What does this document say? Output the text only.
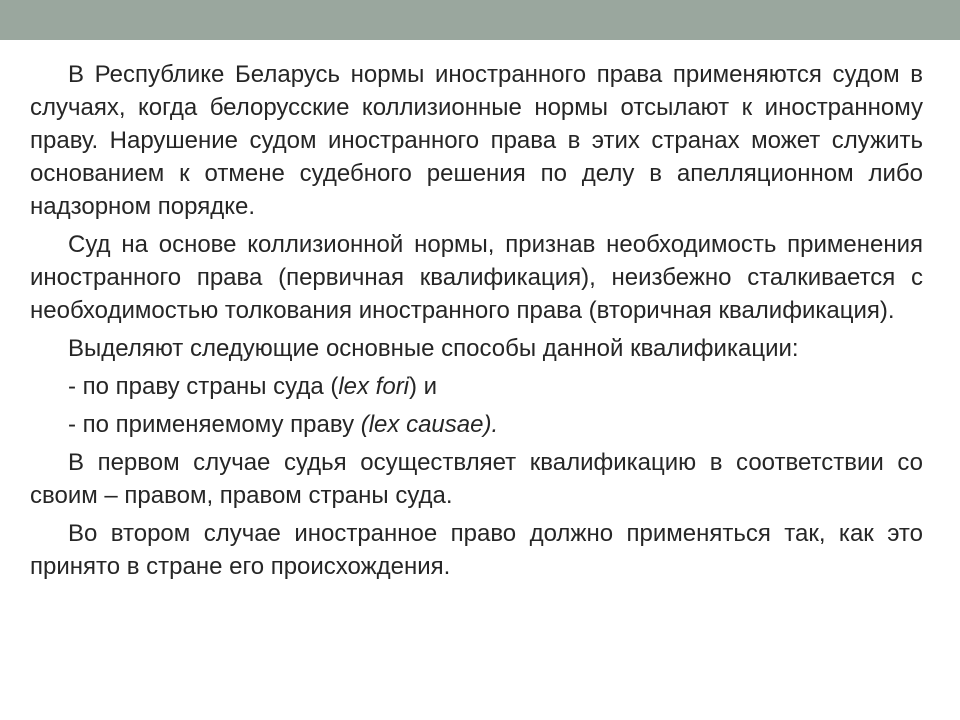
В Республике Беларусь нормы иностранного права применяются судом в случаях, когда белорусские коллизионные нормы отсылают к иностранному праву. Нарушение судом иностранного права в этих странах может служить основанием к отмене судебного решения по делу в апелляционном либо надзорном порядке.

Суд на основе коллизионной нормы, признав необходимость применения иностранного права (первичная квалификация), неизбежно сталкивается с необходимостью толкования иностранного права (вторичная квалификация).

Выделяют следующие основные способы данной квалификации:

- по праву страны суда (lex fori) и

- по применяемому праву (lex causae).

В первом случае судья осуществляет квалификацию в соответствии со своим – правом, правом страны суда.

Во втором случае иностранное право должно применяться так, как это принято в стране его происхождения.
